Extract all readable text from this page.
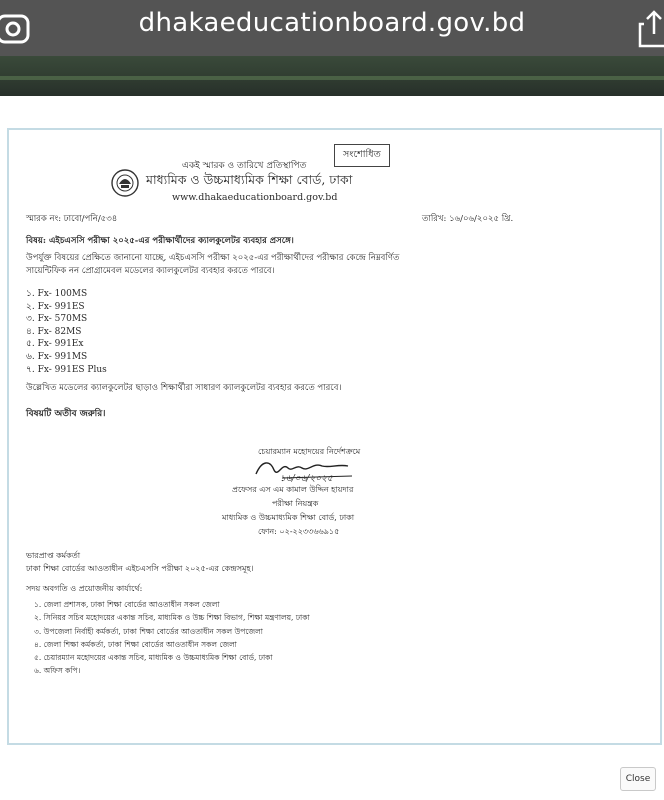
dhakaeducationboard.gov.bd
সংশোধিত
একই স্মারক ও তারিখে প্রতিস্থাপিত
মাধ্যমিক ও উচ্চমাধ্যমিক শিক্ষা বোর্ড, ঢাকা
www.dhakaeducationboard.gov.bd
স্মারক নং: ঢাবো/পনি/৫৩৪	তারিখ: ১৬/০৬/২০২৫ খ্রি.
বিষয়: এইচএসসি পরীক্ষা ২০২৫-এর পরীক্ষার্থীদের ক্যালকুলেটর ব্যবহার প্রসঙ্গে।
উপর্যুক্ত বিষয়ের প্রেক্ষিতে জানানো যাচ্ছে, এইচএসসি পরীক্ষা ২০২৫-এর পরীক্ষার্থীদের পরীক্ষার কেন্দ্রে নিম্নবর্ণিত
সায়েন্টিফিক নন প্রোগ্রামেবল মডেলের ক্যালকুলেটর ব্যবহার করতে পারবে।
১. Fx- 100MS
২. Fx- 991ES
৩. Fx- 570MS
৪. Fx- 82MS
৫. Fx- 991Ex
৬. Fx- 991MS
৭. Fx- 991ES Plus
উল্লেখিত মডেলের ক্যালকুলেটর ছাড়াও শিক্ষার্থীরা সাধারণ ক্যালকুলেটর ব্যবহার করতে পারবে।
বিষয়টি অতীব জরুরি।
চেয়ারম্যান মহোদয়ের নির্দেশক্রমে
১৬/০৬/২০২৫
প্রফেসর এস এম কামাল উদ্দিন হায়দার
পরীক্ষা নিয়ন্ত্রক
মাধ্যমিক ও উচ্চমাধ্যমিক শিক্ষা বোর্ড, ঢাকা
ফোন: ০২-২২৩৩৬৬৯১৫
ভারপ্রাপ্ত কর্মকর্তা
ঢাকা শিক্ষা বোর্ডের আওতাধীন এইচএসসি পরীক্ষা ২০২৫-এর কেন্দ্রসমূহ।
সদয় অবগতি ও প্রয়োজনীয় কার্যার্থে:
১. জেলা প্রশাসক, ঢাকা শিক্ষা বোর্ডের আওতাধীন সকল জেলা
২. সিনিয়র সচিব মহোদয়ের একান্ত সচিব, মাধ্যমিক ও উচ্চ শিক্ষা বিভাগ, শিক্ষা মন্ত্রণালয়, ঢাকা
৩. উপজেলা নির্বাহী কর্মকর্তা, ঢাকা শিক্ষা বোর্ডের আওতাধীন সকল উপজেলা
৪. জেলা শিক্ষা কর্মকর্তা, ঢাকা শিক্ষা বোর্ডের আওতাধীন সকল জেলা
৫. চেয়ারম্যান মহোদয়ের একান্ত সচিব, মাধ্যমিক ও উচ্চমাধ্যমিক শিক্ষা বোর্ড, ঢাকা
৬. অফিস কপি।
Close
